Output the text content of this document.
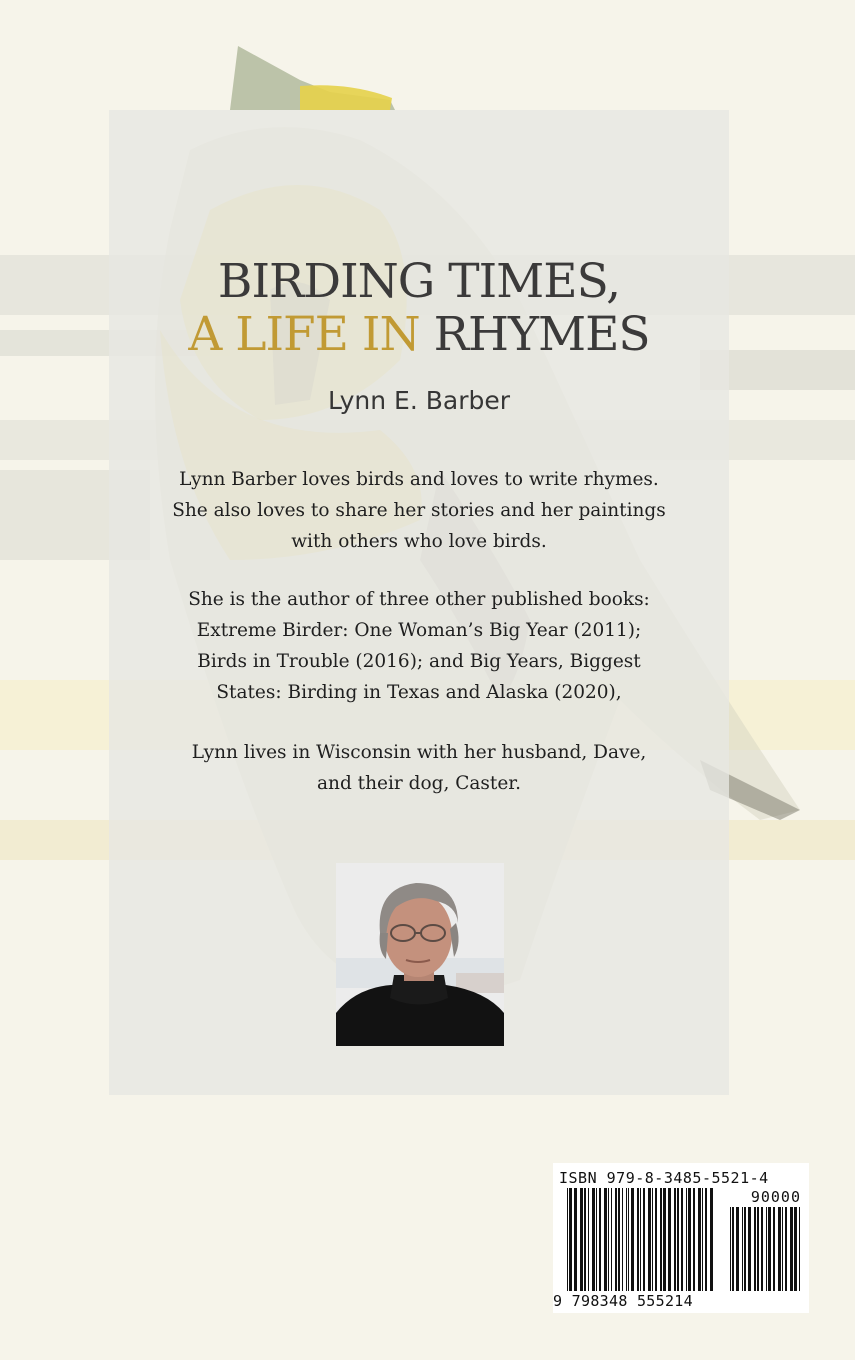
BIRDING TIMES,
A LIFE IN RHYMES
Lynn E. Barber
Lynn Barber loves birds and loves to write rhymes.
She also loves to share her stories and her paintings
with others who love birds.
She is the author of three other published books:
Extreme Birder: One Woman’s Big Year (2011);
Birds in Trouble (2016); and Big Years, Biggest
States: Birding in Texas and Alaska (2020),
Lynn lives in Wisconsin with her husband, Dave,
and their dog, Caster.
ISBN 979-8-3485-5521-4
90000
9 798348 555214
